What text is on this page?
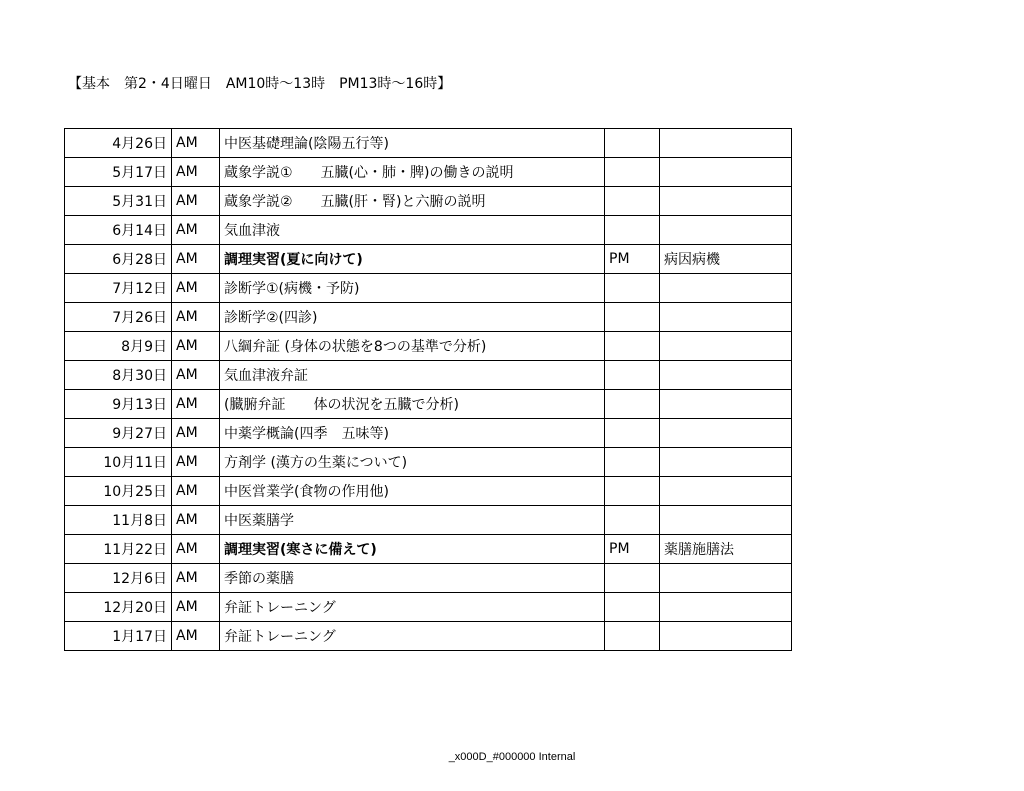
【基本　第2・4日曜日　AM10時～13時　PM13時～16時】
4月26日	AM	中医基礎理論(陰陽五行等)		
5月17日	AM	蔵象学説①　　五臓(心・肺・脾)の働きの説明		
5月31日	AM	蔵象学説②　　五臓(肝・腎)と六腑の説明		
6月14日	AM	気血津液		
6月28日	AM	調理実習(夏に向けて)	PM	病因病機
7月12日	AM	診断学①(病機・予防)		
7月26日	AM	診断学②(四診)		
8月9日	AM	八綱弁証 (身体の状態を8つの基準で分析)		
8月30日	AM	気血津液弁証		
9月13日	AM	(臓腑弁証　　体の状況を五臓で分析)		
9月27日	AM	中薬学概論(四季　五味等)		
10月11日	AM	方剤学 (漢方の生薬について)		
10月25日	AM	中医営業学(食物の作用他)		
11月8日	AM	中医薬膳学		
11月22日	AM	調理実習(寒さに備えて)	PM	薬膳施膳法
12月6日	AM	季節の薬膳		
12月20日	AM	弁証トレーニング		
1月17日	AM	弁証トレーニング		
_x000D_#000000 Internal
